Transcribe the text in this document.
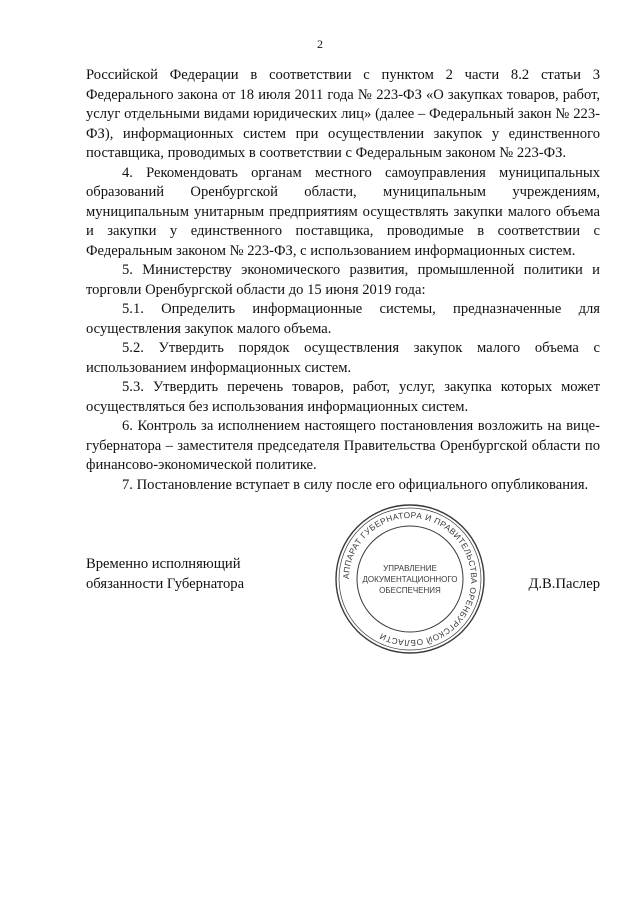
2

Российской Федерации в соответствии с пунктом 2 части 8.2 статьи 3 Федерального закона от 18 июля 2011 года № 223-ФЗ «О закупках товаров, работ, услуг отдельными видами юридических лиц» (далее – Федеральный закон № 223-ФЗ), информационных систем при осуществлении закупок у единственного поставщика, проводимых в соответствии с Федеральным законом № 223-ФЗ.

4. Рекомендовать органам местного самоуправления муниципальных образований Оренбургской области, муниципальным учреждениям, муниципальным унитарным предприятиям осуществлять закупки малого объема и закупки у единственного поставщика, проводимые в соответствии с Федеральным законом № 223-ФЗ, с использованием информационных систем.

5. Министерству экономического развития, промышленной политики и торговли Оренбургской области до 15 июня 2019 года:

5.1. Определить информационные системы, предназначенные для осуществления закупок малого объема.

5.2. Утвердить порядок осуществления закупок малого объема с использованием информационных систем.

5.3. Утвердить перечень товаров, работ, услуг, закупка которых может осуществляться без использования информационных систем.

6. Контроль за исполнением настоящего постановления возложить на вице-губернатора – заместителя председателя Правительства Оренбургской области по финансово-экономической политике.

7. Постановление вступает в силу после его официального опубликования.

Временно исполняющий
обязанности Губернатора	Д.В.Паслер
АППАРАТ ГУБЕРНАТОРА И ПРАВИТЕЛЬСТВА ОРЕНБУРГСКОЙ ОБЛАСТИ
УПРАВЛЕНИЕ
ДОКУМЕНТАЦИОННОГО
ОБЕСПЕЧЕНИЯ
